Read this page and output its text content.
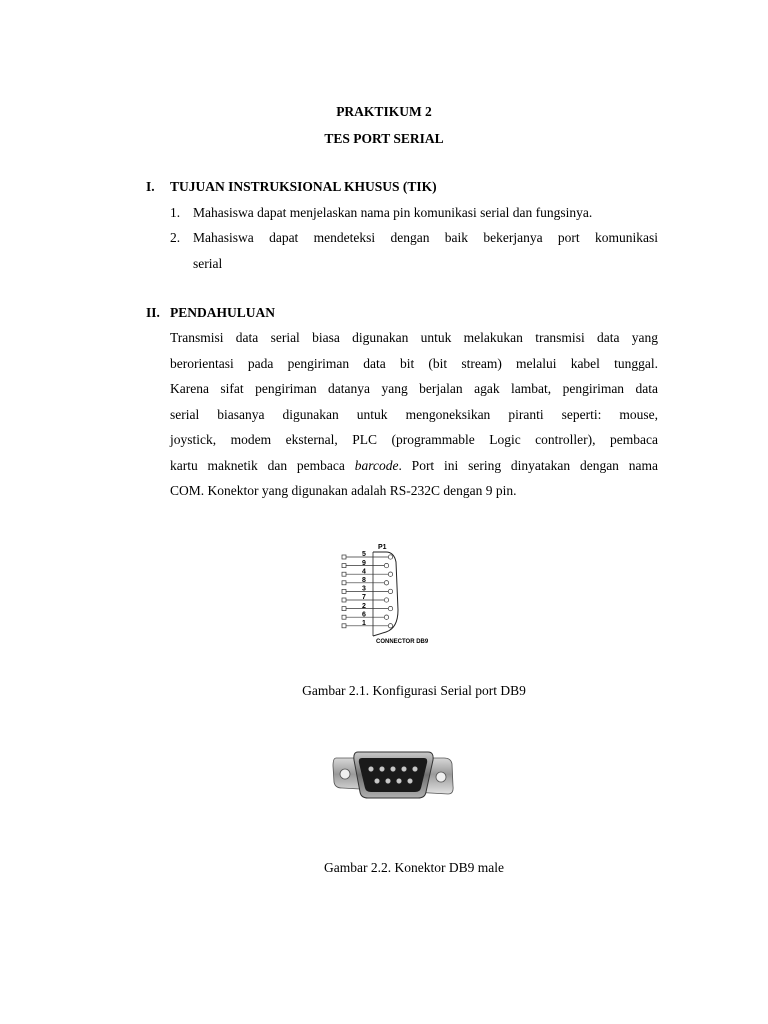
PRAKTIKUM 2
TES PORT SERIAL
I. TUJUAN INSTRUKSIONAL KHUSUS (TIK)
1. Mahasiswa dapat menjelaskan nama pin komunikasi serial dan fungsinya.
2. Mahasiswa dapat mendeteksi dengan baik bekerjanya port komunikasi
serial
II. PENDAHULUAN
Transmisi data serial biasa digunakan untuk melakukan transmisi data yang
berorientasi pada pengiriman data bit (bit stream) melalui kabel tunggal.
Karena sifat pengiriman datanya yang berjalan agak lambat, pengiriman data
serial biasanya digunakan untuk mengoneksikan piranti seperti: mouse,
joystick, modem eksternal, PLC (programmable Logic controller), pembaca
kartu maknetik dan pembaca barcode. Port ini sering dinyatakan dengan nama
COM. Konektor yang digunakan adalah RS-232C dengan 9 pin.
P1
5
9
4
8
3
7
2
6
1
CONNECTOR DB9
Gambar 2.1. Konfigurasi Serial port DB9
Gambar 2.2. Konektor DB9 male
